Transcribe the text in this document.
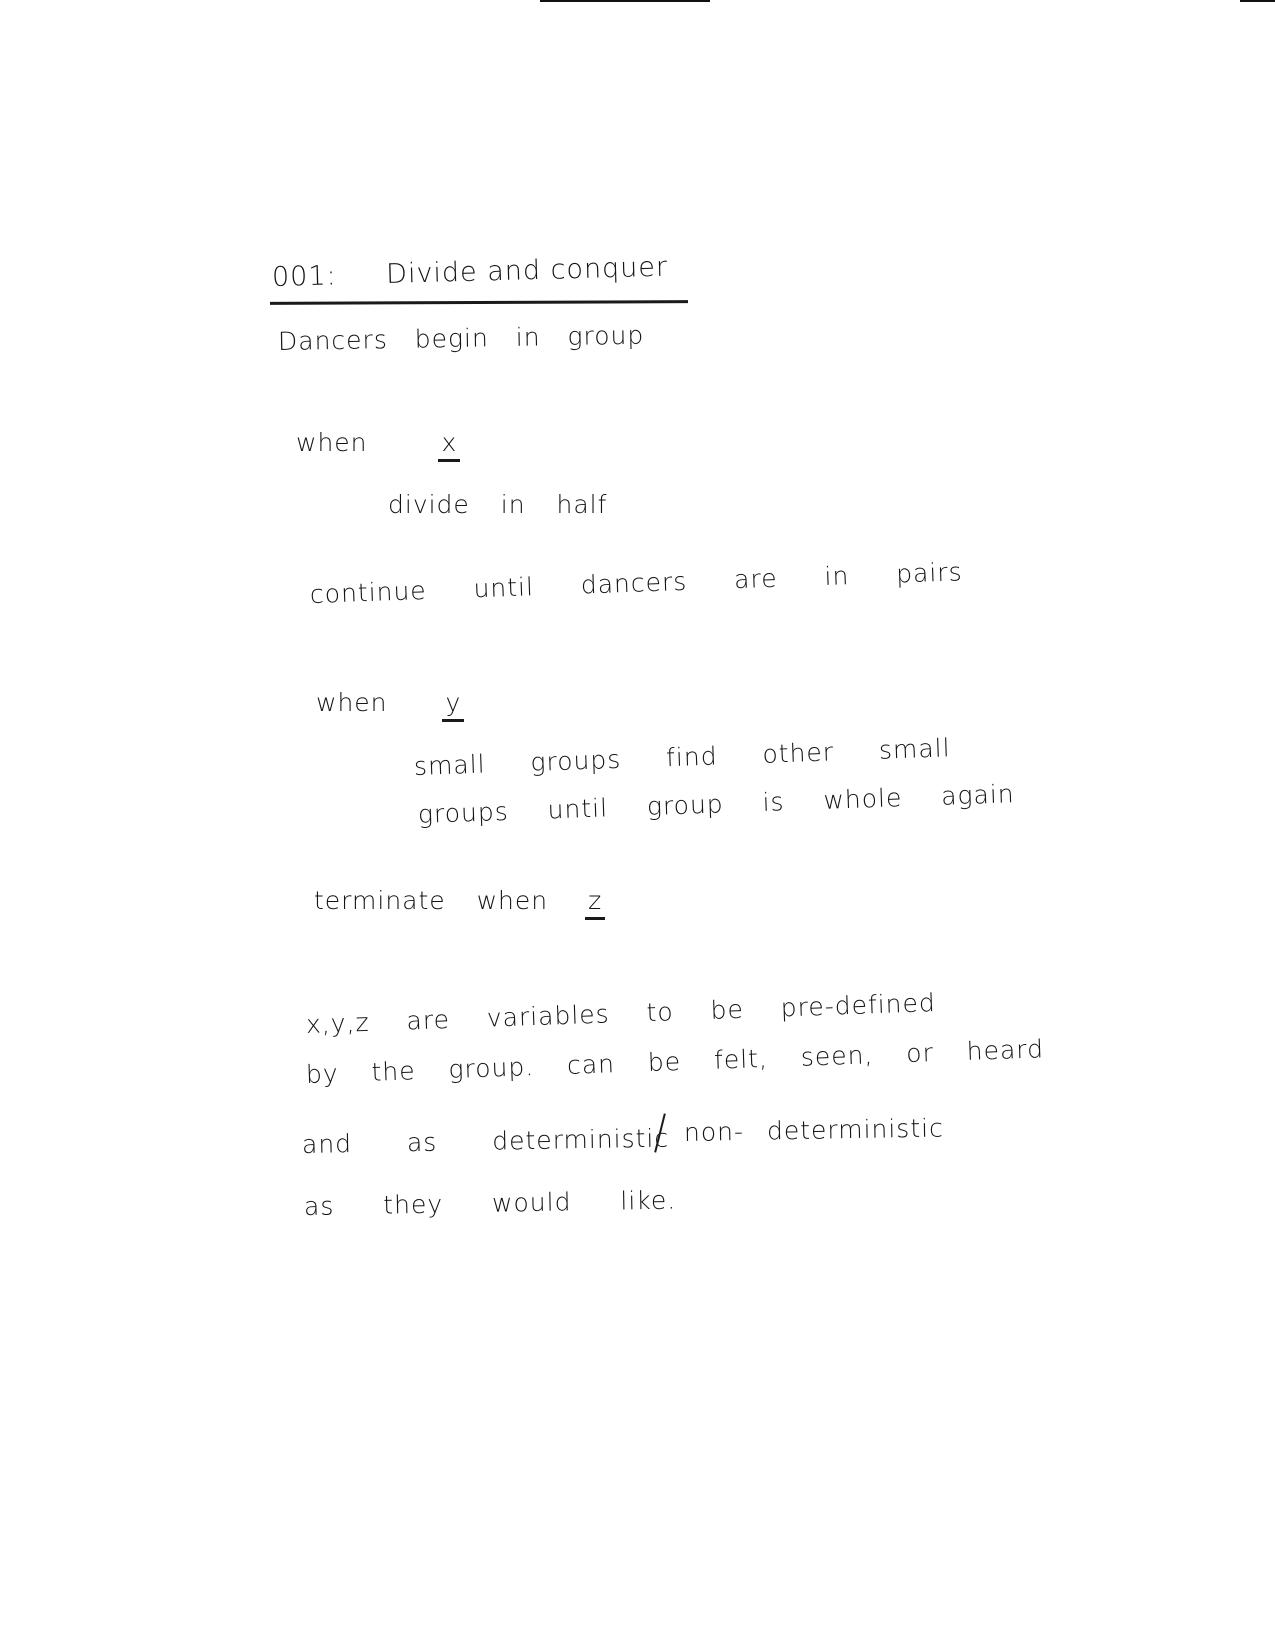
001: Divide and conquer
Dancers begin in group
when	x
divide in half
continue until dancers are in pairs
when y
small groups find other small
groups until group is whole again
terminate when z
x,y,z are variables to be pre-defined
by the group. can be felt, seen, or heard
and as deterministic non- deterministic
as they would like.
